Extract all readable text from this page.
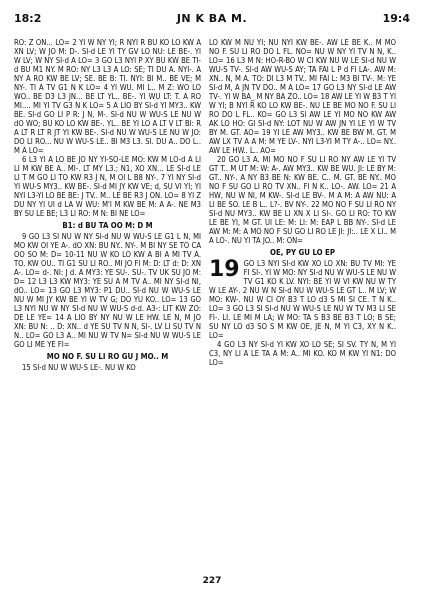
18:2	JN K BA M.	19:4

RO: Z ON... LO= 2 YI W NY YI; R NYI R BU KO LO KW A XN LV; W JO M: D-. SI-d LE YI TY GV LO NU: LE BE-. YI W LV; W NY SI-d A LO= 3 GO L3 NYI P XY BU KW BE TI-d BU M1 NY. M RO: NY L3 L3 A LO: SE; TI DU A. NYI-. A NY A RO KW BE LV; SE. BE B: TI. NYI: BI M.. BE VE; M NY-. TI A TV G1 N K LO= 4 YI WU. MI L.. M Z: WO LO WO.. BE D3 L3 JN... BE LT YL.. BE-. YI WU LT: T. A RO MI.... MI YI TV G3 N K LO= 5 A LIO BY SI-d YI MY3.. KW BE. SI-d GO LI P R: J N, M-. SI-d NU W WU-S LE NU W dO WO; BU KO LO KW BE-. YL.. BE YI LO A LT V LT BI: R A LT R LT R JT YI KW BE-. SI-d NU W WU-S LE NU W JO: DO LI RO... NU W WU-S LE.. BI M3 L3. SI. DU A.. DO L.. M A LO=

6 L3 YI A LO BE JO NY YI-SO-LE MO: KW M LO-d A LI LI M KW BE A.. MI-. LT MY L3.; N1, XO XN... LE SI-d LE LI T M GO LI TO KW R3 J N, M OI L B8 NY-. 7 YI NY SI-d YI WU-S MY3.. KW BE-. SI-d MI JY KW VE; d, SU VI YI; YI NYI L3-YI LO BE BE: J TV.. M.. LE BE R3 J ON. LO= 8 YI Z DU NY YI UI d LA W WU: M'I M KW BE M: A A-. NE M3 BY SU LE BE; L3 LI RO: M N: BI NE LO=

B1: d BU TA OO M: D M

9 GO L3 SI NU W NY SI-d NU W WU-S LE G1 L N, MI MO KW OI YE A-. dO XN: BU NY.. NY-. M BI NY SE TO CA OO SO M: D= 10-11 NU W KO LO KW A BI A MI TV A. TO. KW OU.. TI G1 SU LI RO.. MI JO FI M: D: LT d: D: XN A-. LO= d-. NI: J d. A MY3: YE SU-. SU-. TV UK SU JO M: D= 12 L3 L3 KW MY3: YE SU A M TV A.. MI NY SI-d NI, dO.. LO= 13 GO L3 MY3: P1 DU.. SI-d NU W WU-S LE NU W MI JY KW BE YI W TV G; DO YU KO.. LO= 13 GO L3 NYI NU W NY SI-d NU W WU-S d-d. A3-: LIT KW ZO: DE LE YE= 14 A LIO BY NY NU W LE HW. LE N, M JO XN: BU N: .. D: XN.. d YE SU TV N N, SI-. LV LI SU TV N N.. LO= GO L3 A.. MI NU W TV N= SI-d NU W WU-S LE GO LI ME YE FI=

MO NO F. SU LI RO GU J MO.. M

15 SI-d NU W WU-S LE-. NU W KO

LO KW M NU YI; NU NYI KW BE-. AW LE BE K.. M MO NO F. SU LI RO DO L FL. NO= NU W NY YI TV N N, K.. LO= 16 L3 M N: HO-R-BO W CI KW NU W LE SI-d NU W WU-S TV-. SI-d AW WU-S AY; TA FAI L P d FI LA-. AW M: XN.. N, M A. TO: DI L3 M TV.. MI FAI L: M3 BI TV-. M: YE SI-d M, A JN TV DO.. M A LO= 17 GO L3 NY SI-d LE AW TV-. YI W BA_ M NY BA ZO.. LO= 18 AW LE YI W B3 T YI W YI; B NYI R KO LO KW BE-. NU LE BE MO NO F. SU LI RO DO L FL.. KO= GO L3 SI AW LE YI MO NO KW AW AK LO HO: GI SI-d NY: LOT NU W AW JN YI LE YI W TV BY M. GT. AO= 19 YI LE AW MY3.. KW BE BW M. GT. M AW LX TV A A M: M YE LV-. NYI L3-YI M TY A-.. LO= NY.. AW LE HW.. L.. AO=

20 GO L3 A. MI MO NO F SU LI RO NY AW LE YI TV GT T.. M UT M: W: A-. AW MY3.. KW BE WU. JI: LE BY M: GT.. NY-. A NY B3 BE N: KW BE. C.. M. GT. BE NY.. MO NO F SU GO LI RO TV XN.. FI N K.. LO-. AW. LO= 21 A HW, NU W NI, M KW-. SI-d LE BV-. M A M: A AW NU: A LI BE SO. LE B L.. L?-. BV NY-. 22 MO NO F SU LI RO NY SI-d NU MY3.. KW BE LI XN X LI SI-. GO LI RO: TO KW LE BE YI, M GT. UI LE: M: LI: M: EAP L BB NY-. SI-d LE AW M: M: A MO NO F SU GO LI RO LE JI: JI:.. LE X LI.. M A LO-. NU YI TA JO.. M: ON=

OE, PY GU LO EP

19 GO L3 NYI SI-d KW XO LO XN: BU TV MI: YE FI SI-. YI W MO: NY SI-d NU W WU-S LE NU W TV G1 KO K LV. NYI: BE YI W VI KW NU W TY W LE AY-. 2 NU W N SI-d NU W WU-S LE GT L.. M LV; W MO: KW-. NU W CI OY B3 T LO d3 S MI SI CE. T N K.. LO= 3 GO L3 SI SI-d NU W WU-S LE NU W TV M3 LI SE FI-. LI. LE MI M LA; W MO: TA S B3 BE B3 T LO; B SE; SU NY LO d3 SO S M KW OE, JE N, M YI C3, XY N K.. LO=

4 GO L3 NY SI-d YI KW XO LO SE; SI SV. TY N, M YI C3, NY LI A LE TA A M: A.. MI KO. KO M KW YI N1: DO LO=

227
